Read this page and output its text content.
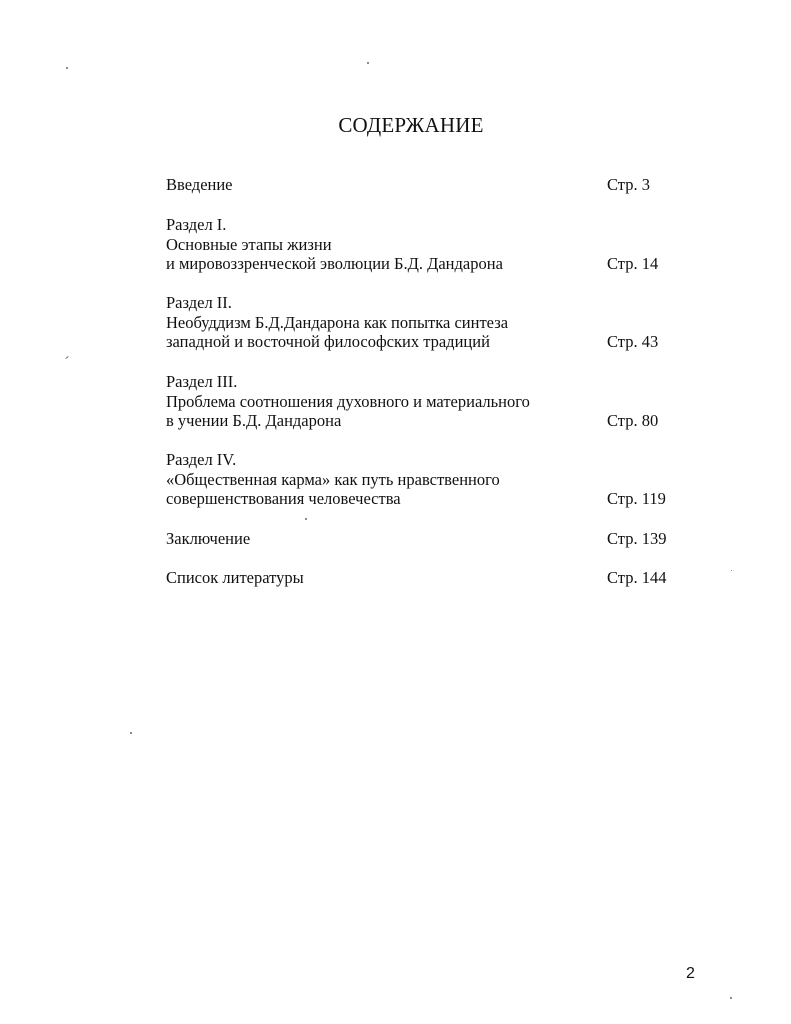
СОДЕРЖАНИЕ
Введение	Стр. 3
Раздел I.
Основные этапы жизни
и мировоззренческой эволюции Б.Д. Дандарона	Стр. 14
Раздел II.
Необуддизм Б.Д.Дандарона как попытка синтеза
западной и восточной философских традиций	Стр. 43
Раздел III.
Проблема соотношения духовного и материального
в учении Б.Д. Дандарона	Стр. 80
Раздел IV.
«Общественная карма» как путь нравственного
совершенствования человечества	Стр. 119
Заключение	Стр. 139
Список литературы	Стр. 144
2
